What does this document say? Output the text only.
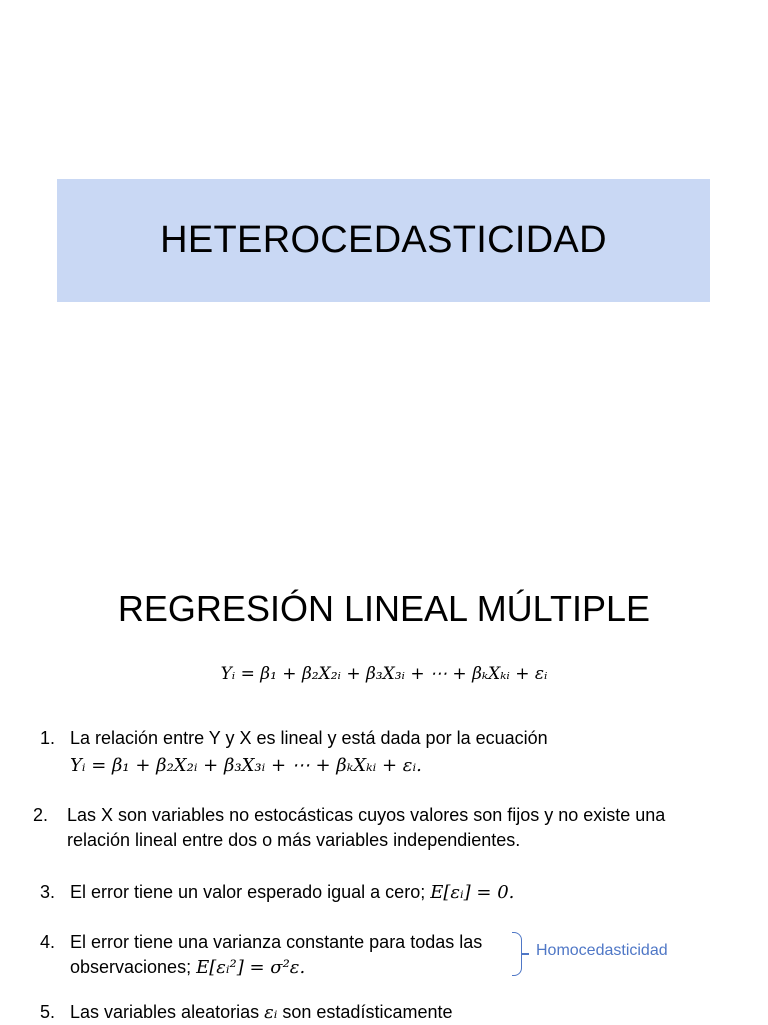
HETEROCEDASTICIDAD
REGRESIÓN LINEAL MÚLTIPLE
Yᵢ = β₁ + β₂X₂ᵢ + β₃X₃ᵢ + ⋯ + βₖXₖᵢ + εᵢ
1. La relación entre Y y X es lineal y está dada por la ecuación
Yᵢ = β₁ + β₂X₂ᵢ + β₃X₃ᵢ + ⋯ + βₖXₖᵢ + εᵢ.
2. Las X son variables no estocásticas cuyos valores son fijos y no existe una
relación lineal entre dos o más variables independientes.
3. El error tiene un valor esperado igual a cero; E[εᵢ] = 0.
4. El error tiene una varianza constante para todas las
observaciones; E[εᵢ²] = σ²ε.
Homocedasticidad
5. Las variables aleatorias εᵢ son estadísticamente
